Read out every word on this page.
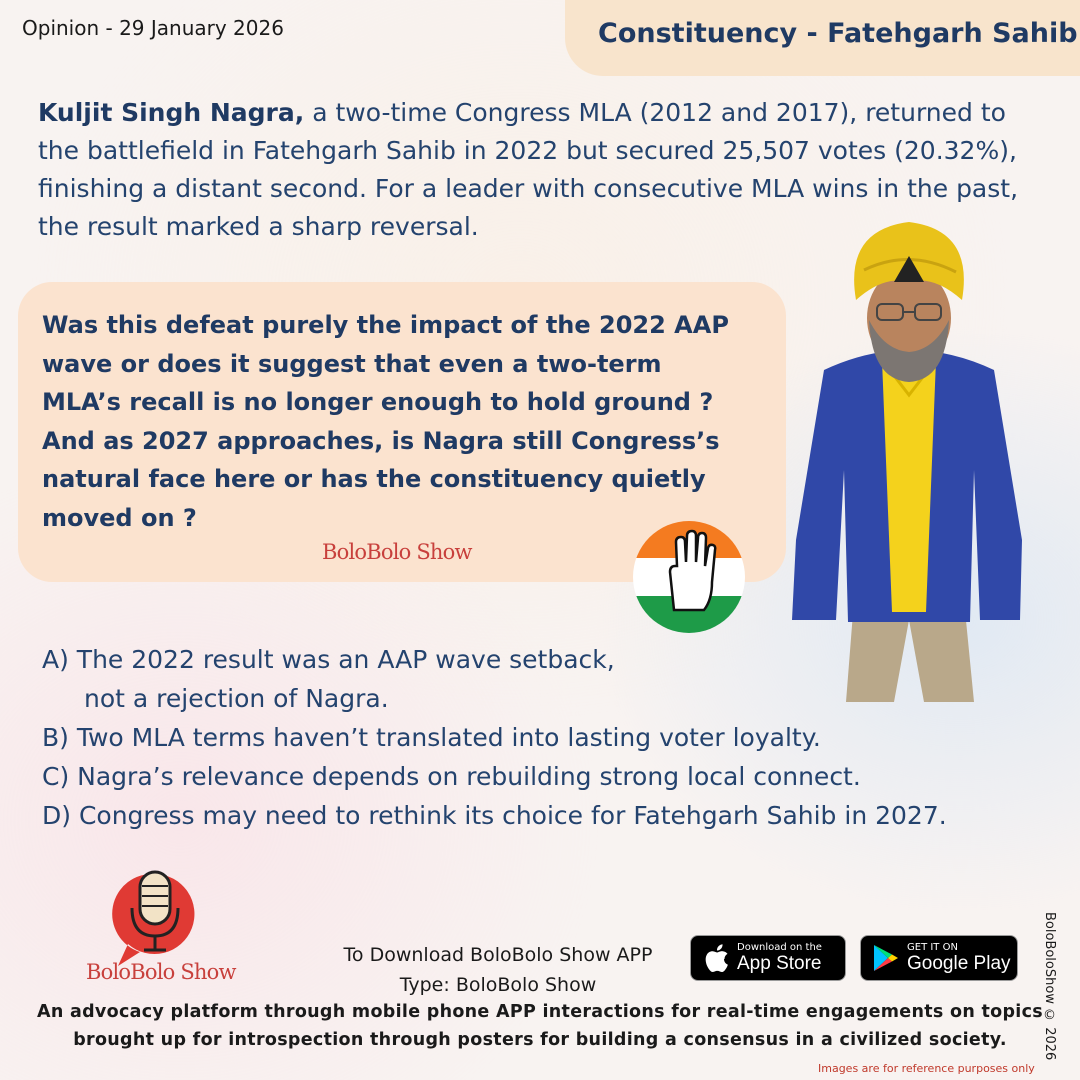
Opinion - 29 January 2026	Constituency - Fatehgarh Sahib
Kuljit Singh Nagra, a two-time Congress MLA (2012 and 2017), returned to the battlefield in Fatehgarh Sahib in 2022 but secured 25,507 votes (20.32%), finishing a distant second. For a leader with consecutive MLA wins in the past, the result marked a sharp reversal.
Was this defeat purely the impact of the 2022 AAP wave or does it suggest that even a two-term MLA’s recall is no longer enough to hold ground ? And as 2027 approaches, is Nagra still Congress’s natural face here or has the constituency quietly moved on ?
BoloBolo Show
A) The 2022 result was an AAP wave setback,
not a rejection of Nagra.
B) Two MLA terms haven’t translated into lasting voter loyalty.
C) Nagra’s relevance depends on rebuilding strong local connect.
D) Congress may need to rethink its choice for Fatehgarh Sahib in 2027.
BoloBolo Show
To Download BoloBolo Show APP
Type: BoloBolo Show
Download on the
App Store
GET IT ON
Google Play
An advocacy platform through mobile phone APP interactions for real-time engagements on topics brought up for introspection through posters for building a consensus in a civilized society.	BoloBoloShow © 2026
Images are for reference purposes only
